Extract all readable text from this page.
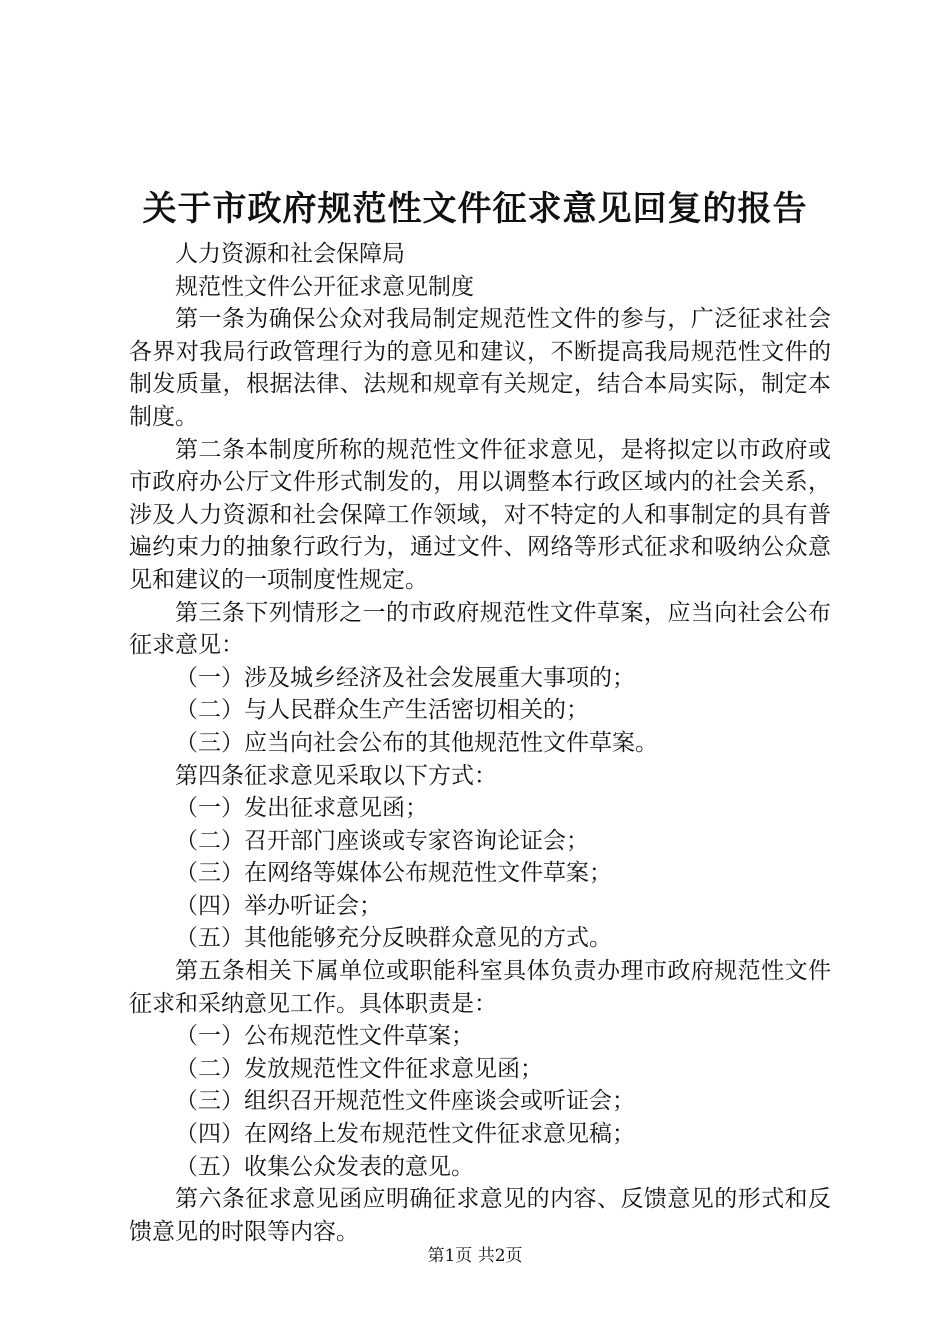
关于市政府规范性文件征求意见回复的报告

人力资源和社会保障局

规范性文件公开征求意见制度

第一条为确保公众对我局制定规范性文件的参与，广泛征求社会各界对我局行政管理行为的意见和建议，不断提高我局规范性文件的制发质量，根据法律、法规和规章有关规定，结合本局实际，制定本制度。

第二条本制度所称的规范性文件征求意见，是将拟定以市政府或市政府办公厅文件形式制发的，用以调整本行政区域内的社会关系，涉及人力资源和社会保障工作领域，对不特定的人和事制定的具有普遍约束力的抽象行政行为，通过文件、网络等形式征求和吸纳公众意见和建议的一项制度性规定。

第三条下列情形之一的市政府规范性文件草案，应当向社会公布征求意见：

（一）涉及城乡经济及社会发展重大事项的；

（二）与人民群众生产生活密切相关的；

（三）应当向社会公布的其他规范性文件草案。

第四条征求意见采取以下方式：

（一）发出征求意见函；

（二）召开部门座谈或专家咨询论证会；

（三）在网络等媒体公布规范性文件草案；

（四）举办听证会；

（五）其他能够充分反映群众意见的方式。

第五条相关下属单位或职能科室具体负责办理市政府规范性文件征求和采纳意见工作。具体职责是：

（一）公布规范性文件草案；

（二）发放规范性文件征求意见函；

（三）组织召开规范性文件座谈会或听证会；

（四）在网络上发布规范性文件征求意见稿；

（五）收集公众发表的意见。

第六条征求意见函应明确征求意见的内容、反馈意见的形式和反馈意见的时限等内容。

第1页 共2页
